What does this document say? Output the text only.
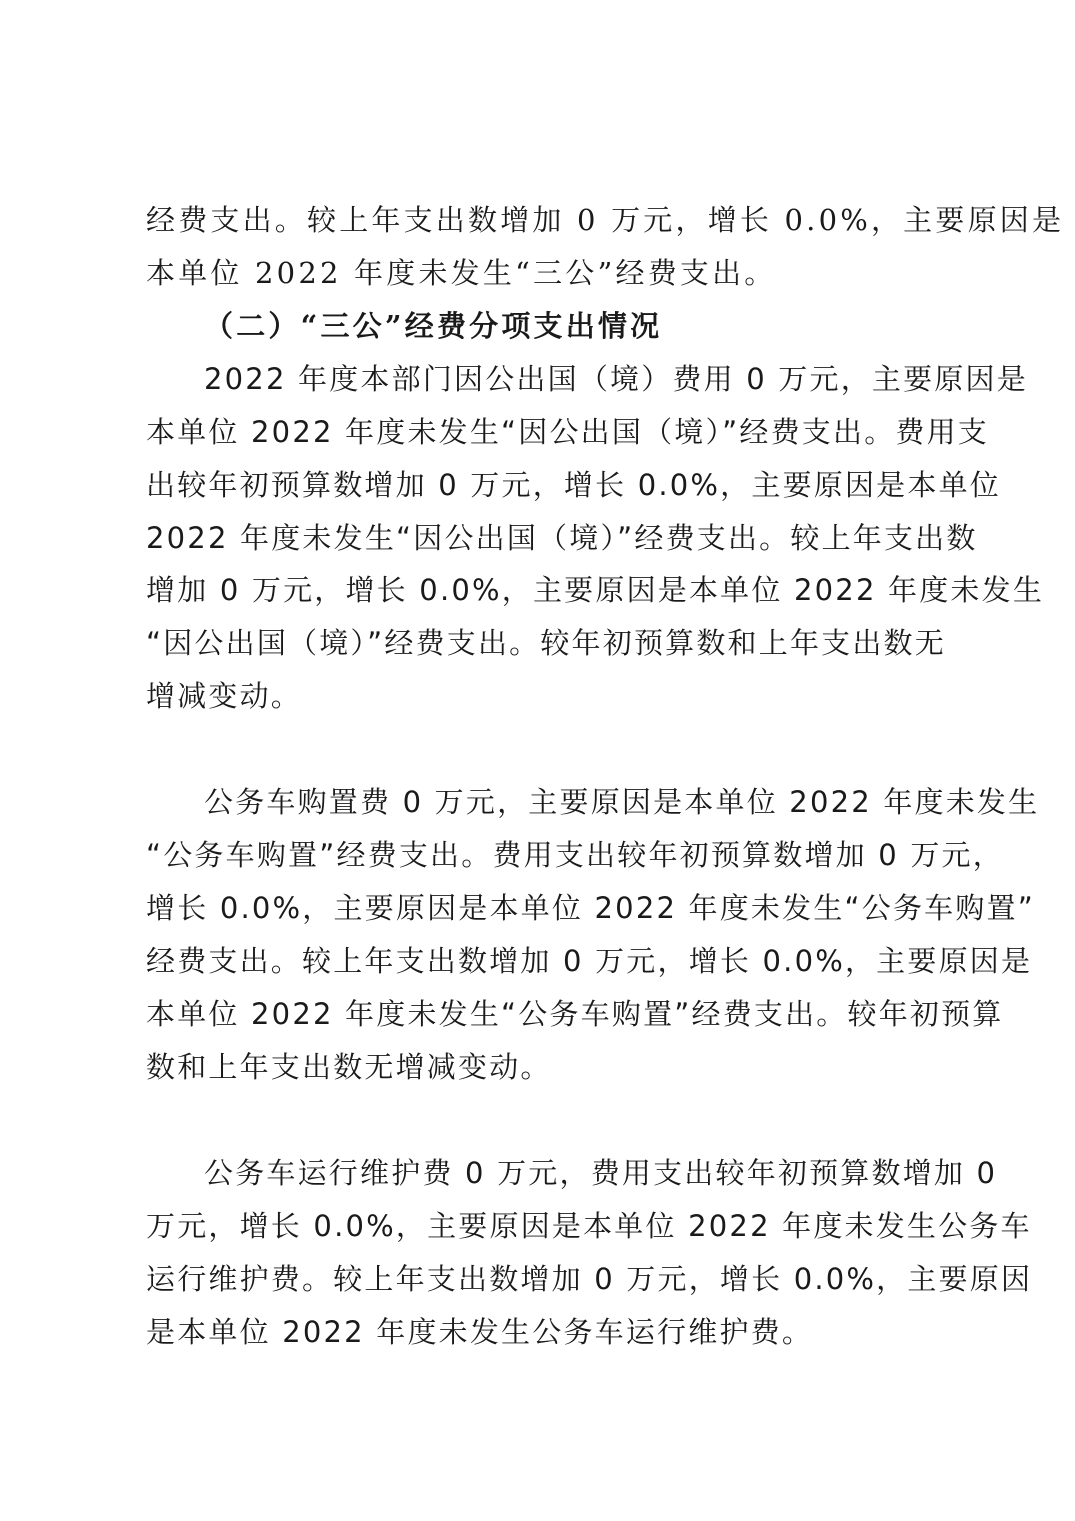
经费支出。较上年支出数增加 0 万元，增长 0.0%，主要原因是
本单位 2022 年度未发生“三公”经费支出。
（二）“三公”经费分项支出情况
2022 年度本部门因公出国（境）费用 0 万元，主要原因是
本单位 2022 年度未发生“因公出国（境）”经费支出。费用支
出较年初预算数增加 0 万元，增长 0.0%，主要原因是本单位
2022 年度未发生“因公出国（境）”经费支出。较上年支出数
增加 0 万元，增长 0.0%，主要原因是本单位 2022 年度未发生
“因公出国（境）”经费支出。较年初预算数和上年支出数无
增减变动。
公务车购置费 0 万元，主要原因是本单位 2022 年度未发生
“公务车购置”经费支出。费用支出较年初预算数增加 0 万元，
增长 0.0%，主要原因是本单位 2022 年度未发生“公务车购置”
经费支出。较上年支出数增加 0 万元，增长 0.0%，主要原因是
本单位 2022 年度未发生“公务车购置”经费支出。较年初预算
数和上年支出数无增减变动。
公务车运行维护费 0 万元，费用支出较年初预算数增加 0
万元，增长 0.0%，主要原因是本单位 2022 年度未发生公务车
运行维护费。较上年支出数增加 0 万元，增长 0.0%，主要原因
是本单位 2022 年度未发生公务车运行维护费。
